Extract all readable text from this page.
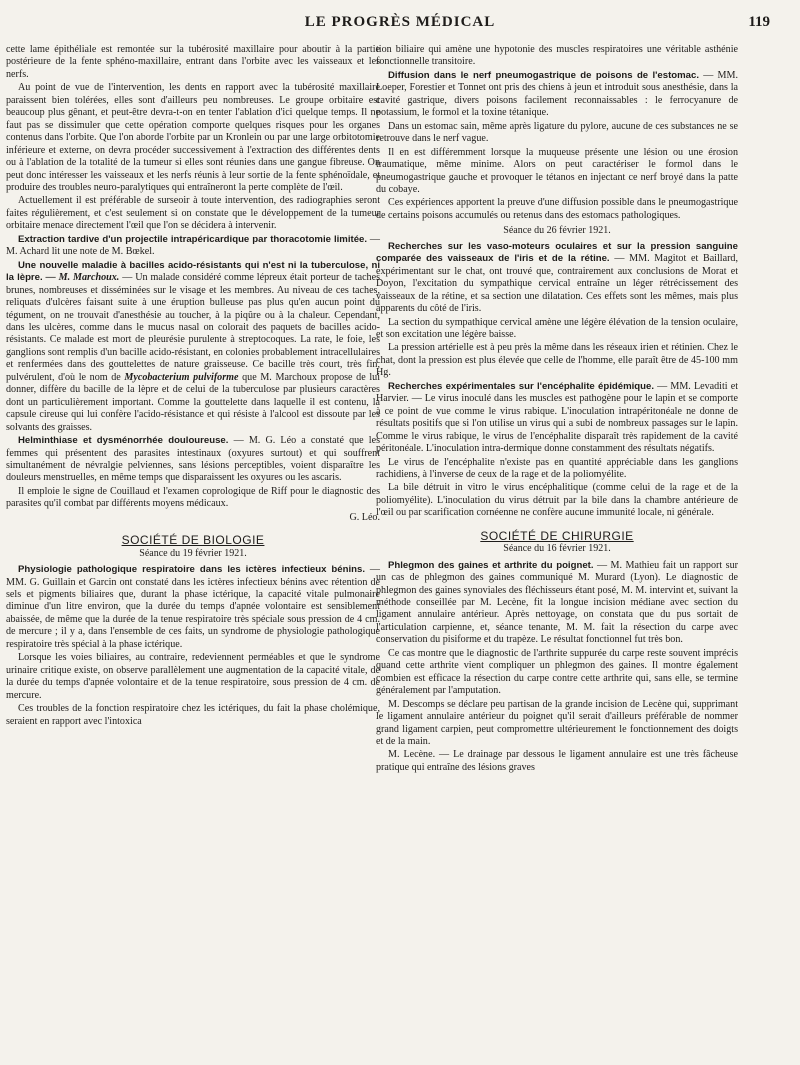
LE PROGRÈS MÉDICAL	119

cette lame épithéliale est remontée sur la tubérosité maxillaire pour aboutir à la partie postérieure de la fente sphéno-maxillaire, entrant dans l'orbite avec les vaisseaux et les nerfs.

Au point de vue de l'intervention, les dents en rapport avec la tubérosité maxillaire paraissent bien tolérées, elles sont d'ailleurs peu nombreuses. Le groupe orbitaire est beaucoup plus gênant, et peut-être devra-t-on en tenter l'ablation d'ici quelque temps. Il ne faut pas se dissimuler que cette opération comporte quelques risques pour les organes contenus dans l'orbite. Que l'on aborde l'orbite par un Kronlein ou par une large orbitotomie inférieure et externe, on devra procéder successivement à l'extraction des différentes dents ou à l'ablation de la totalité de la tumeur si elles sont réunies dans une gangue fibreuse. On peut donc intéresser les vaisseaux et les nerfs réunis à leur sortie de la fente sphénoïdale, et produire des troubles neuro-paralytiques qui entraîneront la perte complète de l'œil.

Actuellement il est préférable de surseoir à toute intervention, des radiographies seront faites régulièrement, et c'est seulement si on constate que le développement de la tumeur orbitaire menace directement l'œil que l'on se décidera à intervenir.

Extraction tardive d'un projectile intrapéricardique par thoracotomie limitée. — M. Achard lit une note de M. Bœkel.

Une nouvelle maladie à bacilles acido-résistants qui n'est ni la tuberculose, ni la lèpre. — M. Marchoux. — Un malade considéré comme lépreux était porteur de taches brunes, nombreuses et disséminées sur le visage et les membres. Au niveau de ces taches, reliquats d'ulcères faisant suite à une éruption bulleuse pas plus qu'en aucun point du tégument, on ne trouvait d'anesthésie au toucher, à la piqûre ou à la chaleur. Cependant, dans les ulcères, comme dans le mucus nasal on colorait des paquets de bacilles acido-résistants. Ce malade est mort de pleurésie purulente à streptocoques. La rate, le foie, les ganglions sont remplis d'un bacille acido-résistant, en colonies probablement intracellulaires et renfermées dans des gouttelettes de nature graisseuse. Ce bacille très court, très fin, pulvérulent, d'où le nom de Mycobacterium pulviforme que M. Marchoux propose de lui donner, diffère du bacille de la lèpre et de celui de la tuberculose par plusieurs caractères dont un particulièrement important. Comme la gouttelette dans laquelle il est contenu, la capsule cireuse qui lui confère l'acido-résistance et qui résiste à l'alcool est dissoute par les solvants des graisses.

Helminthiase et dysménorrhée douloureuse. — M. G. Léo a constaté que les femmes qui présentent des parasites intestinaux (oxyures surtout) et qui souffrent simultanément de névralgie pelviennes, sans lésions perceptibles, voient disparaître les douleurs menstruelles, en même temps que disparaissent les oxyures ou les ascaris.

Il emploie le signe de Couillaud et l'examen coprologique de Riff pour le diagnostic des parasites qu'il combat par différents moyens médicaux.

G. Léo.

SOCIÉTÉ DE BIOLOGIE
Séance du 19 février 1921.

Physiologie pathologique respiratoire dans les ictères infectieux bénins. — MM. G. Guillain et Garcin ont constaté dans les ictères infectieux bénins avec rétention de sels et pigments biliaires que, durant la phase ictérique, la capacité vitale pulmonaire diminue d'un litre environ, que la durée du temps d'apnée volontaire est sensiblement abaissée, de même que la durée de la tenue respiratoire très spéciale sous pression de 4 cm. de mercure ; il y a, dans l'ensemble de ces faits, un syndrome de physiologie pathologique respiratoire très spécial à la phase ictérique.

Lorsque les voies biliaires, au contraire, redeviennent perméables et que le syndrome urinaire critique existe, on observe parallèlement une augmentation de la capacité vitale, de la durée du temps d'apnée volontaire et de la tenue respiratoire, sous pression de 4 cm. de mercure.

Ces troubles de la fonction respiratoire chez les ictériques, du fait la phase cholémique, seraient en rapport avec l'intoxica

tion biliaire qui amène une hypotonie des muscles respiratoires une véritable asthénie fonctionnelle transitoire.

Diffusion dans le nerf pneumogastrique de poisons de l'estomac. — MM. Loeper, Forestier et Tonnet ont pris des chiens à jeun et introduit sous anesthésie, dans la cavité gastrique, divers poisons facilement reconnaissables : le ferrocyanure de potassium, le formol et la toxine tétanique.

Dans un estomac sain, même après ligature du pylore, aucune de ces substances ne se retrouve dans le nerf vague.

Il en est différemment lorsque la muqueuse présente une lésion ou une érosion traumatique, même minime. Alors on peut caractériser le formol dans le pneumogastrique gauche et provoquer le tétanos en injectant ce nerf broyé dans la patte du cobaye.

Ces expériences apportent la preuve d'une diffusion possible dans le pneumogastrique de certains poisons accumulés ou retenus dans des estomacs pathologiques.

Séance du 26 février 1921.

Recherches sur les vaso-moteurs oculaires et sur la pression sanguine comparée des vaisseaux de l'iris et de la rétine. — MM. Magitot et Baillard, expérimentant sur le chat, ont trouvé que, contrairement aux conclusions de Morat et Doyon, l'excitation du sympathique cervical entraîne un léger rétrécissement des vaisseaux de la rétine, et sa section une dilatation. Ces effets sont les mêmes, mais plus apparents du côté de l'iris.

La section du sympathique cervical amène une légère élévation de la tension oculaire, et son excitation une légère baisse.

La pression artérielle est à peu près la même dans les réseaux irien et rétinien. Chez le chat, dont la pression est plus élevée que celle de l'homme, elle paraît être de 45-100 mm Hg.

Recherches expérimentales sur l'encéphalite épidémique. — MM. Levaditi et Harvier. — Le virus inoculé dans les muscles est pathogène pour le lapin et se comporte à ce point de vue comme le virus rabique. L'inoculation intrapéritonéale ne donne de résultats positifs que si l'on utilise un virus qui a subi de nombreux passages sur le lapin. Comme le virus rabique, le virus de l'encéphalite disparaît très rapidement de la cavité péritonéale. L'inoculation intra-dermique donne constamment des résultats négatifs.

Le virus de l'encéphalite n'existe pas en quantité appréciable dans les ganglions rachidiens, à l'inverse de ceux de la rage et de la poliomyélite.

La bile détruit in vitro le virus encéphalitique (comme celui de la rage et de la poliomyélite). L'inoculation du virus détruit par la bile dans la chambre antérieure de l'œil ou par scarification cornéenne ne confère aucune immunité locale, ni générale.

SOCIÉTÉ DE CHIRURGIE
Séance du 16 février 1921.

Phlegmon des gaines et arthrite du poignet. — M. Mathieu fait un rapport sur un cas de phlegmon des gaines communiqué M. Murard (Lyon). Le diagnostic de phlegmon des gaines synoviales des fléchisseurs étant posé, M. M. intervint et, suivant la méthode conseillée par M. Lecène, fit la longue incision médiane avec section du ligament annulaire antérieur. Après nettoyage, on constata que du pus sortait de l'articulation carpienne, et, séance tenante, M. M. fait la résection du carpe avec conservation du pisiforme et du trapèze. Le résultat fonctionnel fut très bon.

Ce cas montre que le diagnostic de l'arthrite suppurée du carpe reste souvent imprécis quand cette arthrite vient compliquer un phlegmon des gaines. Il montre également combien est efficace la résection du carpe contre cette arthrite qui, sans elle, se termine généralement par l'amputation.

M. Descomps se déclare peu partisan de la grande incision de Lecène qui, supprimant le ligament annulaire antérieur du poignet qu'il serait d'ailleurs préférable de nommer grand ligament carpien, peut compromettre ultérieurement le fonctionnement des doigts et de la main.

M. Lecène. — Le drainage par dessous le ligament annulaire est une très fâcheuse pratique qui entraîne des lésions graves
